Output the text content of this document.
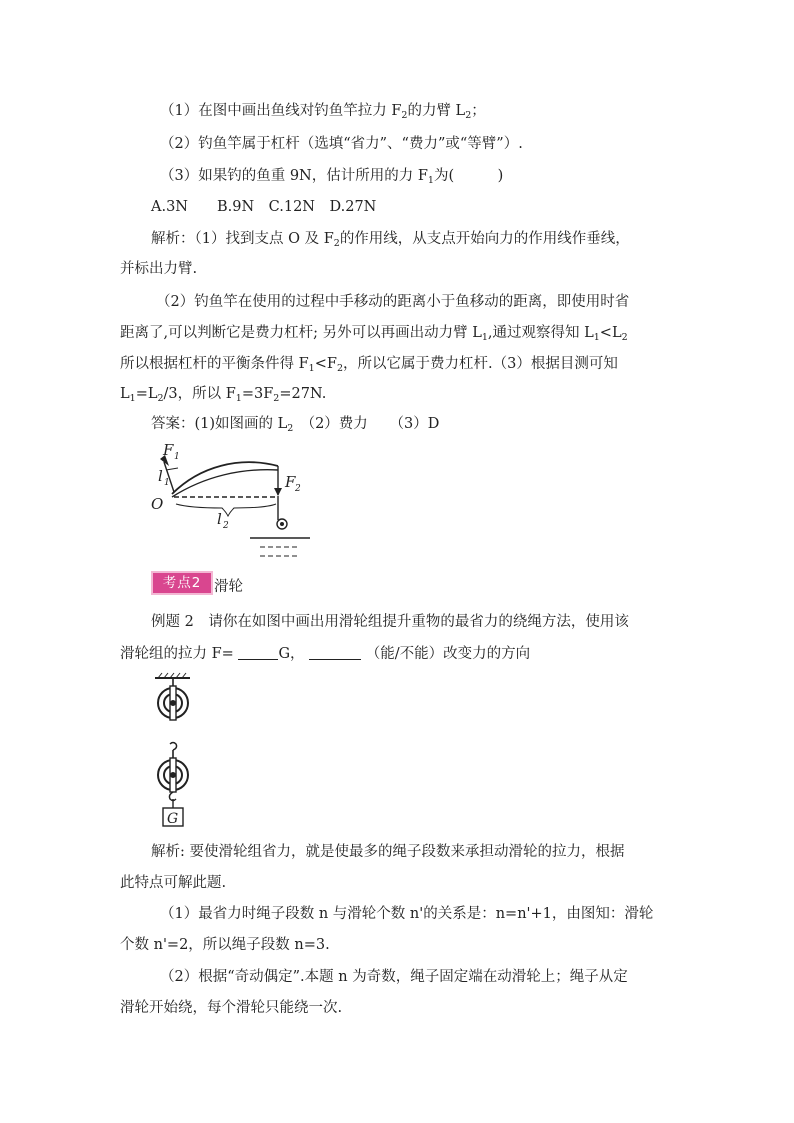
（1）在图中画出鱼线对钓鱼竿拉力 $F_2$的力臂 $L_2$；
（2）钓鱼竿属于杠杆（选填“省力”、“费力”或“等臂”）.
（3）如果钓的鱼重 9N，估计所用的力 $F_1$为(　　　)
A.3N　　B.9N　C.12N　D.27N
解析：（1）找到支点 O 及 $F_2$的作用线，从支点开始向力的作用线作垂线，
并标出力臂.
（2）钓鱼竿在使用的过程中手移动的距离小于鱼移动的距离，即使用时省
距离了,可以判断它是费力杠杆; 另外可以再画出动力臂 $L_1$,通过观察得知 $L_1<L_2$
所以根据杠杆的平衡条件得 $F_1<F_2$，所以它属于费力杠杆.（3）根据目测可知
$L_1=L_2/3$，所以 $F_1=3F_2=27N$.
答案：(1)如图画的 $L_2$　（2）费力　　（3）D
F 1
l 1
O
F 2
l 2
G
考点2 滑轮
例题 2　请你在如图中画出用滑轮组提升重物的最省力的绕绳方法，使用该
滑轮组的拉力 F=	G，	（能/不能）改变力的方向
解析: 要使滑轮组省力，就是使最多的绳子段数来承担动滑轮的拉力，根据
此特点可解此题.
（1）最省力时绳子段数 n 与滑轮个数 n'的关系是：n=n'+1，由图知：滑轮
个数 n'=2，所以绳子段数 n=3.
（2）根据“奇动偶定”.本题 n 为奇数，绳子固定端在动滑轮上；绳子从定
滑轮开始绕，每个滑轮只能绕一次.
